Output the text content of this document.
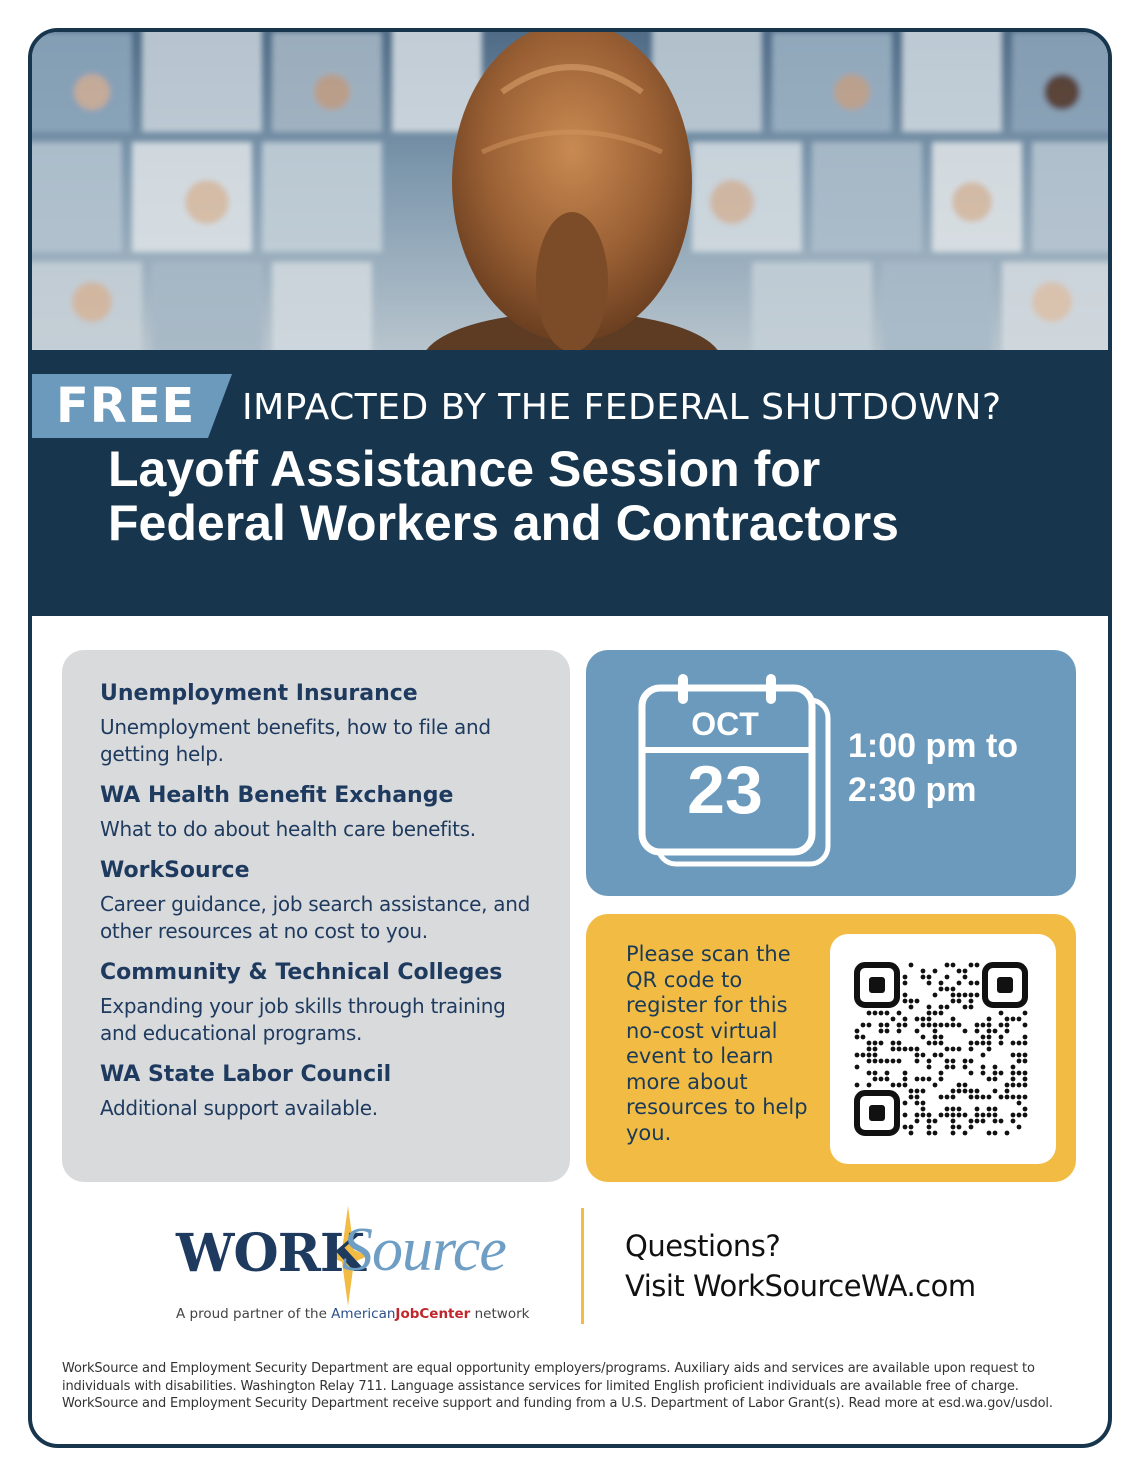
FREE IMPACTED BY THE FEDERAL SHUTDOWN?
Layoff Assistance Session for
Federal Workers and Contractors

Unemployment Insurance

Unemployment benefits, how to file and getting help.

WA Health Benefit Exchange

What to do about health care benefits.

WorkSource

Career guidance, job search assistance, and other resources at no cost to you.

Community & Technical Colleges

Expanding your job skills through training and educational programs.

WA State Labor Council

Additional support available.

OCT
23
1:00 pm to
2:30 pm
Please scan the QR code to register for this no-cost virtual event to learn more about resources to help you.
WORK
Source
A proud partner of the AmericanJobCenter network
Questions?
Visit WorkSourceWA.com
WorkSource and Employment Security Department are equal opportunity employers/programs. Auxiliary aids and services are available upon request to
individuals with disabilities. Washington Relay 711. Language assistance services for limited English proficient individuals are available free of charge.
WorkSource and Employment Security Department receive support and funding from a U.S. Department of Labor Grant(s). Read more at esd.wa.gov/usdol.
